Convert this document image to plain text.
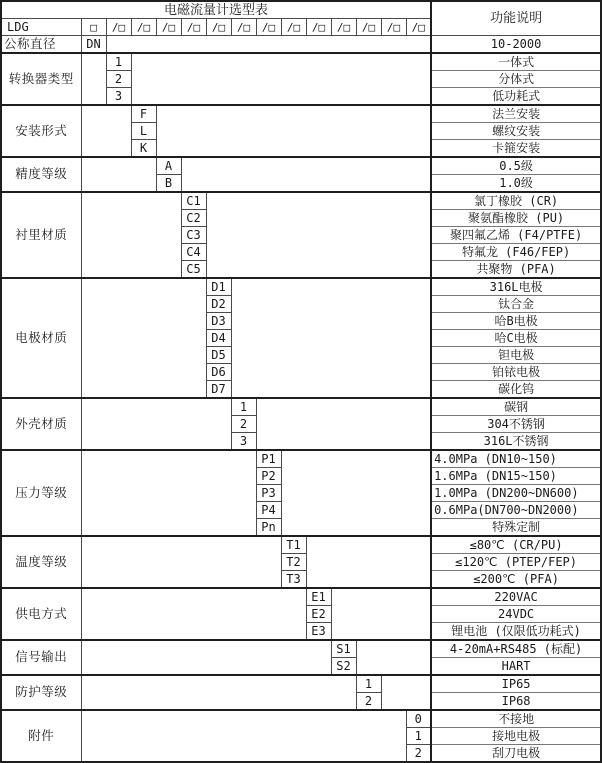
电磁流量计选型表															功能说明
LDG	□	/□	/□	/□	/□	/□	/□	/□	/□	/□	/□	/□	/□	/□	
公称直径	DN														10-2000
转换器类型		1													一体式
		2													分体式
		3													低功耗式
安装形式			F												法兰安装
			L												螺纹安装
			K												卡箍安装
精度等级				A											0.5级
				B											1.0级
衬里材质					C1										氯丁橡胶 (CR)
					C2										聚氨酯橡胶 (PU)
					C3										聚四氟乙烯 (F4/PTFE)
					C4										特氟龙 (F46/FEP)
					C5										共聚物 (PFA)
电极材质						D1									316L电极
						D2									钛合金
						D3									哈B电极
						D4									哈C电极
						D5									钽电极
						D6									铂铱电极
						D7									碳化钨
外壳材质							1								碳钢
							2								304不锈钢
							3								316L不锈钢
压力等级								P1							4.0MPa (DN10~150)
								P2							1.6MPa (DN15~150)
								P3							1.0MPa (DN200~DN600)
								P4							0.6MPa(DN700~DN2000)
								Pn							特殊定制
温度等级									T1						≤80℃ (CR/PU)
									T2						≤120℃ (PTEP/FEP)
									T3						≤200℃ (PFA)
供电方式										E1					220VAC
										E2					24VDC
										E3					锂电池 (仅限低功耗式)
信号输出											S1				4-20mA+RS485 (标配)
											S2				HART
防护等级												1			IP65
												2			IP68
附件														0	不接地
														1	接地电极
														2	刮刀电极
